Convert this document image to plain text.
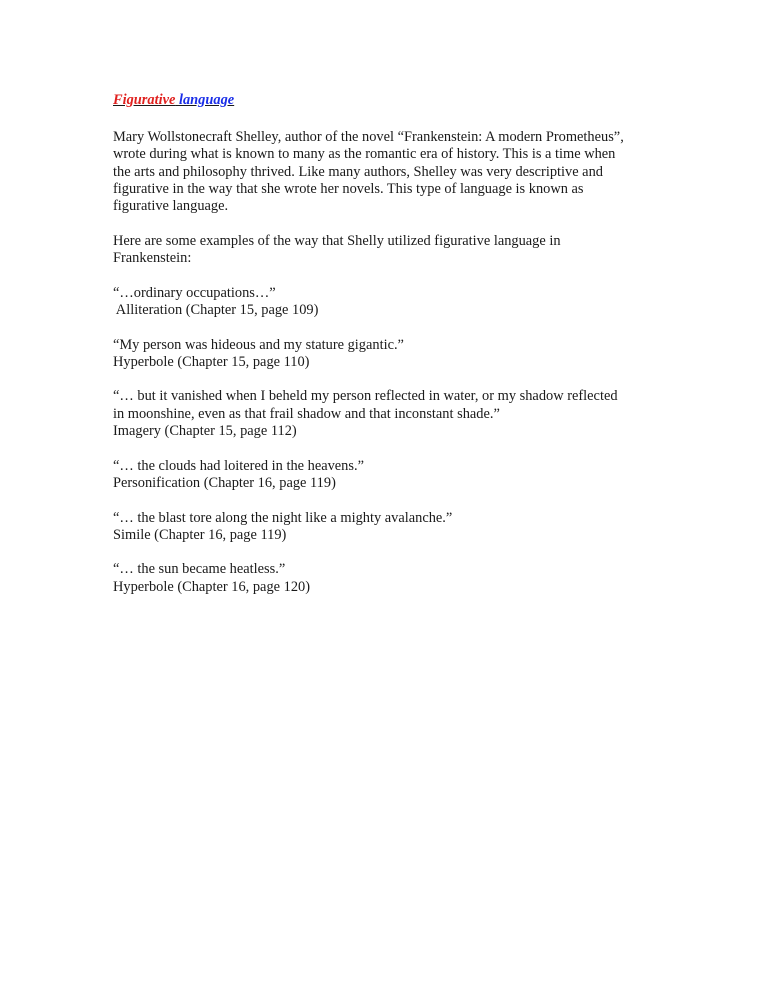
Figurative language

Mary Wollstonecraft Shelley, author of the novel “Frankenstein: A modern Prometheus”,
wrote during what is known to many as the romantic era of history. This is a time when
the arts and philosophy thrived. Like many authors, Shelley was very descriptive and
figurative in the way that she wrote her novels. This type of language is known as
figurative language.

Here are some examples of the way that Shelly utilized figurative language in
Frankenstein:

“…ordinary occupations…”
Alliteration (Chapter 15, page 109)
“My person was hideous and my stature gigantic.”
Hyperbole (Chapter 15, page 110)
“… but it vanished when I beheld my person reflected in water, or my shadow reflected
in moonshine, even as that frail shadow and that inconstant shade.”
Imagery (Chapter 15, page 112)
“… the clouds had loitered in the heavens.”
Personification (Chapter 16, page 119)
“… the blast tore along the night like a mighty avalanche.”
Simile (Chapter 16, page 119)
“… the sun became heatless.”
Hyperbole (Chapter 16, page 120)
